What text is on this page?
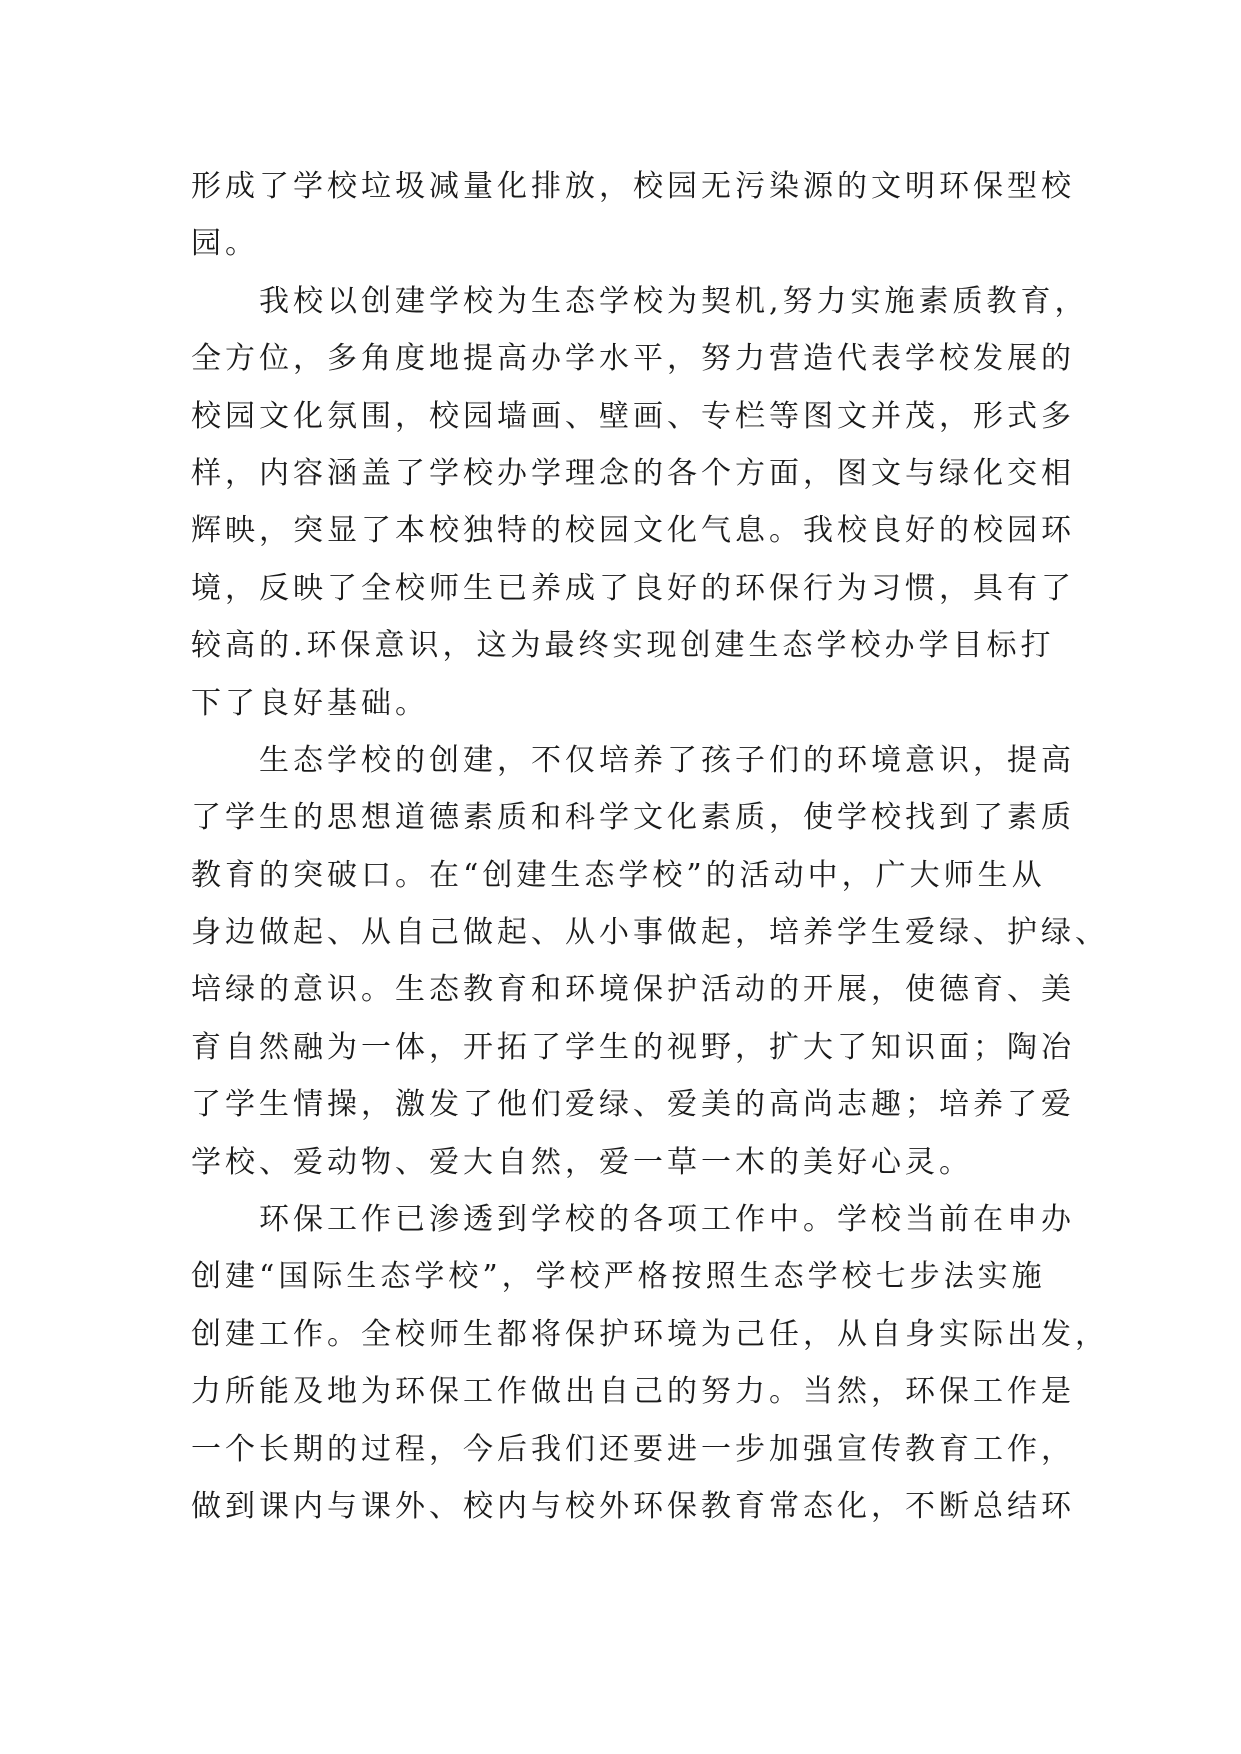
形成了学校垃圾减量化排放，校园无污染源的文明环保型校
园。
我校以创建学校为生态学校为契机,努力实施素质教育，
全方位，多角度地提高办学水平，努力营造代表学校发展的
校园文化氛围，校园墙画、壁画、专栏等图文并茂，形式多
样，内容涵盖了学校办学理念的各个方面，图文与绿化交相
辉映，突显了本校独特的校园文化气息。我校良好的校园环
境，反映了全校师生已养成了良好的环保行为习惯，具有了
较高的.环保意识，这为最终实现创建生态学校办学目标打
下了良好基础。
生态学校的创建，不仅培养了孩子们的环境意识，提高
了学生的思想道德素质和科学文化素质，使学校找到了素质
教育的突破口。在“创建生态学校”的活动中，广大师生从
身边做起、从自己做起、从小事做起，培养学生爱绿、护绿、
培绿的意识。生态教育和环境保护活动的开展，使德育、美
育自然融为一体，开拓了学生的视野，扩大了知识面；陶冶
了学生情操，激发了他们爱绿、爱美的高尚志趣；培养了爱
学校、爱动物、爱大自然，爱一草一木的美好心灵。
环保工作已渗透到学校的各项工作中。学校当前在申办
创建“国际生态学校”，学校严格按照生态学校七步法实施
创建工作。全校师生都将保护环境为己任，从自身实际出发，
力所能及地为环保工作做出自己的努力。当然，环保工作是
一个长期的过程，今后我们还要进一步加强宣传教育工作，
做到课内与课外、校内与校外环保教育常态化，不断总结环
